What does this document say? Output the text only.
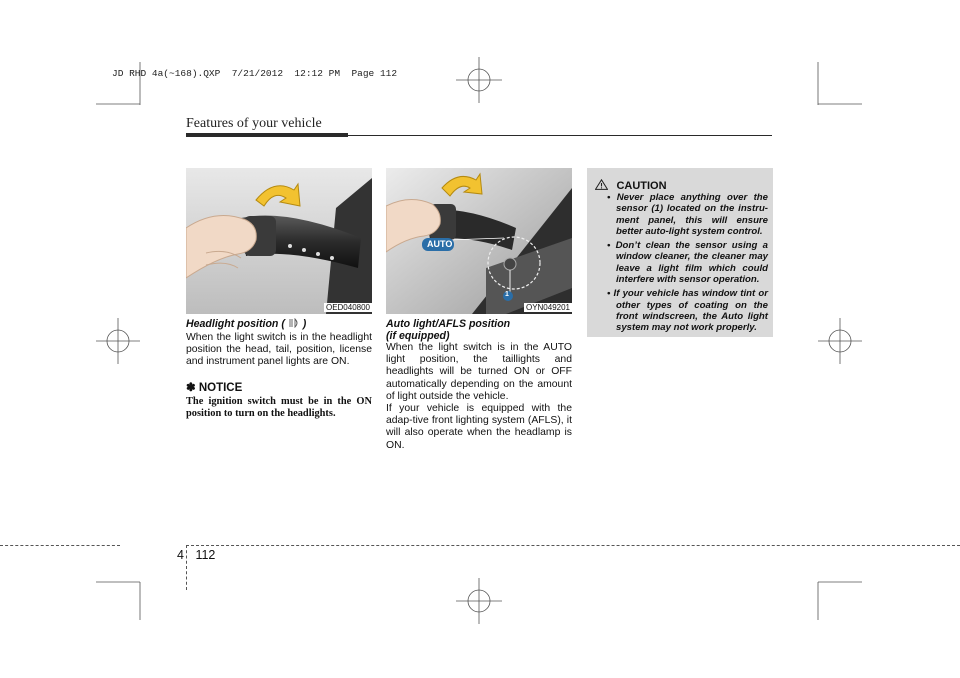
JD RHD 4a(~168).QXP  7/21/2012  12:12 PM  Page 112
Features of your vehicle
OED040800
Headlight position ( )
When the light switch is in the headlight position the head, tail, position, license and instrument panel lights are ON.
✽ NOTICE
The ignition switch must be in the ON position to turn on the headlights.
AUTO
1
OYN049201
Auto light/AFLS position
(if equipped)
When the light switch is in the AUTO light position, the taillights and headlights will be turned ON or OFF automatically depending on the amount of light outside the vehicle.
If your vehicle is equipped with the adap-tive front lighting system (AFLS), it will also operate when the headlamp is ON.
CAUTION
• Never place anything over the sensor (1) located on the instru-ment panel, this will ensure better auto-light system control.
• Don’t clean the sensor using a window cleaner, the cleaner may leave a light film which could interfere with sensor operation.
• If your vehicle has window tint or other types of coating on the front windscreen, the Auto light system may not work properly.
4 112
